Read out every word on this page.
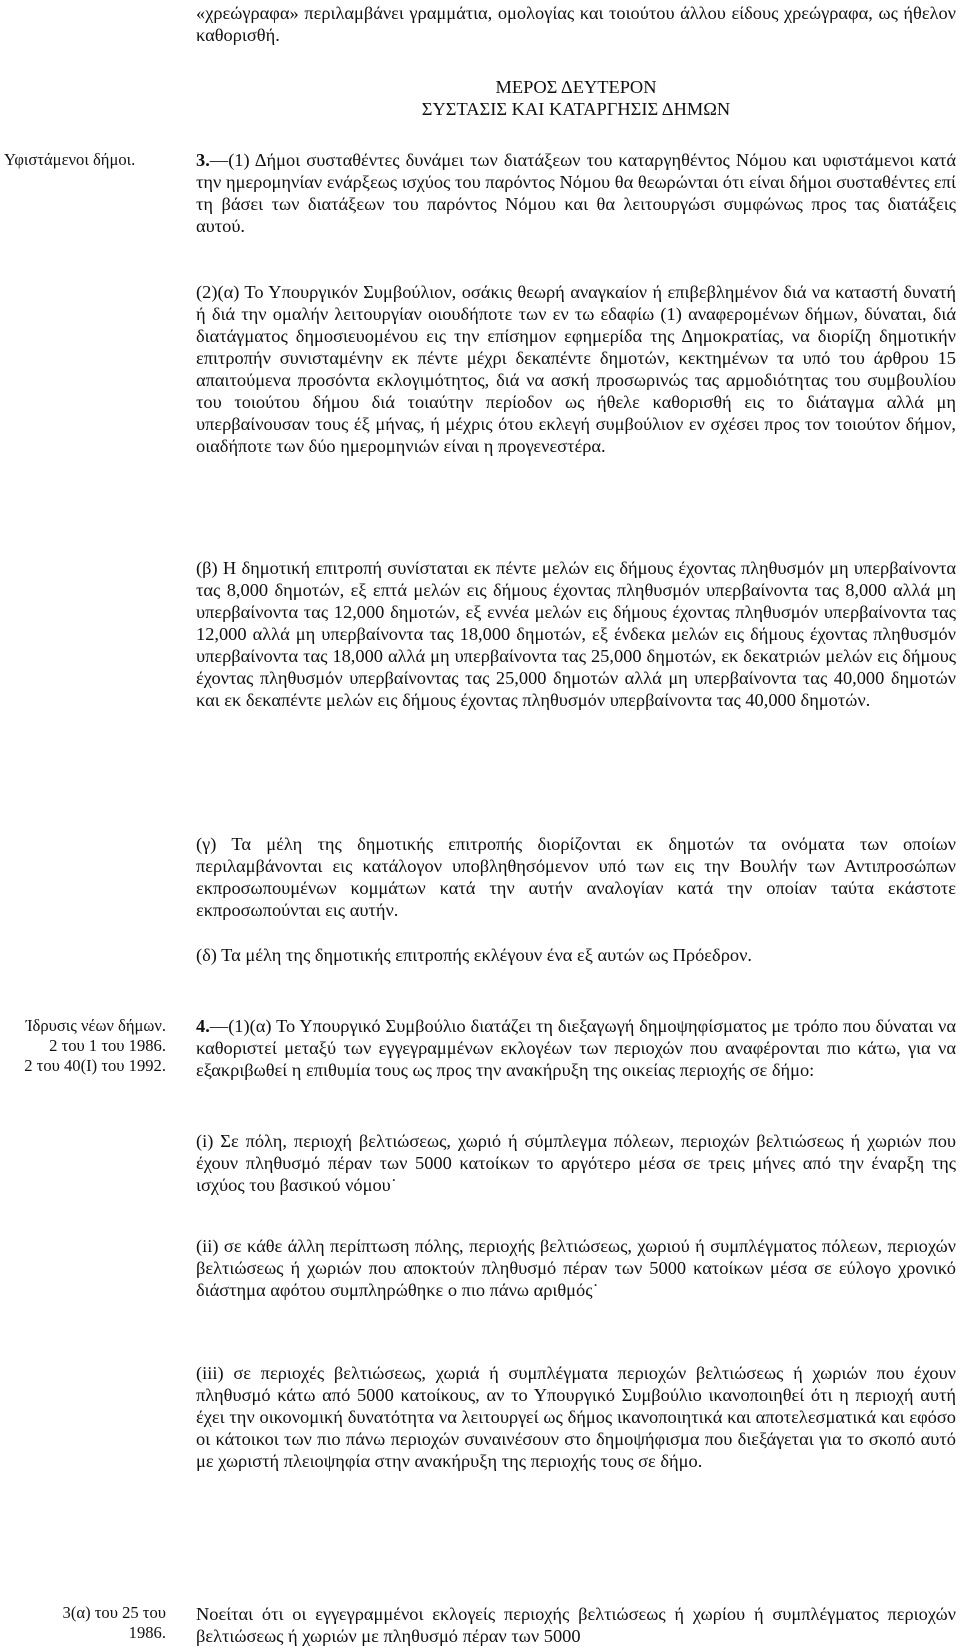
«χρεώγραφα» περιλαμβάνει γραμμάτια, ομολογίας και τοιούτου άλλου είδους χρεώγραφα, ως ήθελον καθορισθή.

ΜΕΡΟΣ ΔΕΥΤΕΡΟΝ

ΣΥΣΤΑΣΙΣ ΚΑΙ ΚΑΤΑΡΓΗΣΙΣ ΔΗΜΩΝ

Υφιστάμενοι δήμοι.	3.—(1) Δήμοι συσταθέντες δυνάμει των διατάξεων του καταργηθέντος Νόμου και υφιστάμενοι κατά την ημερομηνίαν ενάρξεως ισχύος του παρόντος Νόμου θα θεωρώνται ότι είναι δήμοι συσταθέντες επί τη βάσει των διατάξεων του παρόντος Νόμου και θα λειτουργώσι συμφώνως προς τας διατάξεις αυτού.

(2)(α) Το Υπουργικόν Συμβούλιον, οσάκις θεωρή αναγκαίον ή επιβεβλημένον διά να καταστή δυνατή ή διά την ομαλήν λειτουργίαν οιουδήποτε των εν τω εδαφίω (1) αναφερομένων δήμων, δύναται, διά διατάγματος δημοσιευομένου εις την επίσημον εφημερίδα της Δημοκρατίας, να διορίζη δημοτικήν επιτροπήν συνισταμένην εκ πέντε μέχρι δεκαπέντε δημοτών, κεκτημένων τα υπό του άρθρου 15 απαιτούμενα προσόντα εκλογιμότητος, διά να ασκή προσωρινώς τας αρμοδιότητας του συμβουλίου του τοιούτου δήμου διά τοιαύτην περίοδον ως ήθελε καθορισθή εις το διάταγμα αλλά μη υπερβαίνουσαν τους έξ μήνας, ή μέχρις ότου εκλεγή συμβούλιον εν σχέσει προς τον τοιούτον δήμον, οιαδήποτε των δύο ημερομηνιών είναι η προγενεστέρα.

(β) Η δημοτική επιτροπή συνίσταται εκ πέντε μελών εις δήμους έχοντας πληθυσμόν μη υπερβαίνοντα τας 8,000 δημοτών, εξ επτά μελών εις δήμους έχοντας πληθυσμόν υπερβαίνοντα τας 8,000 αλλά μη υπερβαίνοντα τας 12,000 δημοτών, εξ εννέα μελών εις δήμους έχοντας πληθυσμόν υπερβαίνοντα τας 12,000 αλλά μη υπερβαίνοντα τας 18,000 δημοτών, εξ ένδεκα μελών εις δήμους έχοντας πληθυσμόν υπερβαίνοντα τας 18,000 αλλά μη υπερβαίνοντα τας 25,000 δημοτών, εκ δεκατριών μελών εις δήμους έχοντας πληθυσμόν υπερβαίνοντας τας 25,000 δημοτών αλλά μη υπερβαίνοντα τας 40,000 δημοτών και εκ δεκαπέντε μελών εις δήμους έχοντας πληθυσμόν υπερβαίνοντα τας 40,000 δημοτών.

(γ) Τα μέλη της δημοτικής επιτροπής διορίζονται εκ δημοτών τα ονόματα των οποίων περιλαμβάνονται εις κατάλογον υποβληθησόμενον υπό των εις την Βουλήν των Αντιπροσώπων εκπροσωπουμένων κομμάτων κατά την αυτήν αναλογίαν κατά την οποίαν ταύτα εκάστοτε εκπροσωπούνται εις αυτήν.

(δ) Τα μέλη της δημοτικής επιτροπής εκλέγουν ένα εξ αυτών ως Πρόεδρον.

Ίδρυσις νέων δήμων.
2 του 1 του 1986.
2 του 40(Ι) του 1992.

4.—(1)(α) Το Υπουργικό Συμβούλιο διατάζει τη διεξαγωγή δημοψηφίσματος με τρόπο που δύναται να καθοριστεί μεταξύ των εγγεγραμμένων εκλογέων των περιοχών που αναφέρονται πιο κάτω, για να εξακριβωθεί η επιθυμία τους ως προς την ανακήρυξη της οικείας περιοχής σε δήμο:

(i) Σε πόλη, περιοχή βελτιώσεως, χωριό ή σύμπλεγμα πόλεων, περιοχών βελτιώσεως ή χωριών που έχουν πληθυσμό πέραν των 5000 κατοίκων το αργότερο μέσα σε τρεις μήνες από την έναρξη της ισχύος του βασικού νόμου˙

(ii) σε κάθε άλλη περίπτωση πόλης, περιοχής βελτιώσεως, χωριού ή συμπλέγματος πόλεων, περιοχών βελτιώσεως ή χωριών που αποκτούν πληθυσμό πέραν των 5000 κατοίκων μέσα σε εύλογο χρονικό διάστημα αφότου συμπληρώθηκε ο πιο πάνω αριθμός˙

(iii) σε περιοχές βελτιώσεως, χωριά ή συμπλέγματα περιοχών βελτιώσεως ή χωριών που έχουν πληθυσμό κάτω από 5000 κατοίκους, αν το Υπουργικό Συμβούλιο ικανοποιηθεί ότι η περιοχή αυτή έχει την οικονομική δυνατότητα να λειτουργεί ως δήμος ικανοποιητικά και αποτελεσματικά και εφόσο οι κάτοικοι των πιο πάνω περιοχών συναινέσουν στο δημοψήφισμα που διεξάγεται για το σκοπό αυτό με χωριστή πλειοψηφία στην ανακήρυξη της περιοχής τους σε δήμο.

3(α) του 25 του
1986.

Νοείται ότι οι εγγεγραμμένοι εκλογείς περιοχής βελτιώσεως ή χωρίου ή συμπλέγματος περιοχών βελτιώσεως ή χωριών με πληθυσμό πέραν των 5000
